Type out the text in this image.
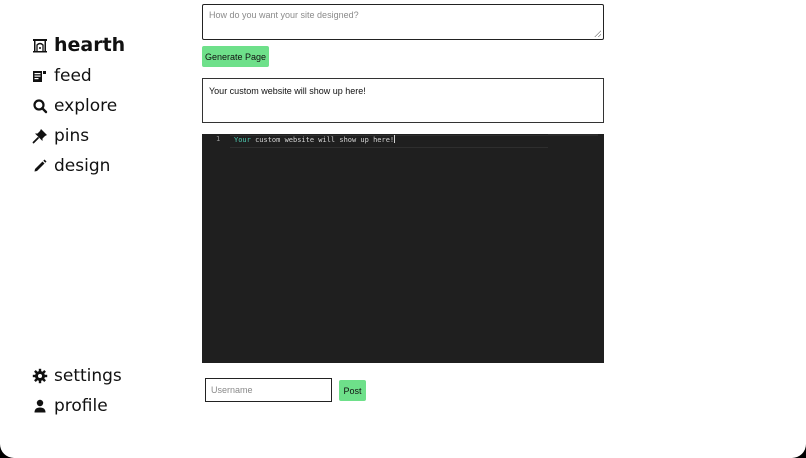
hearth
feed
explore
pins
design
settings
profile
How do you want your site designed?
Generate Page
Your custom website will show up here!
1 Your custom website will show up here!
Username
Post
